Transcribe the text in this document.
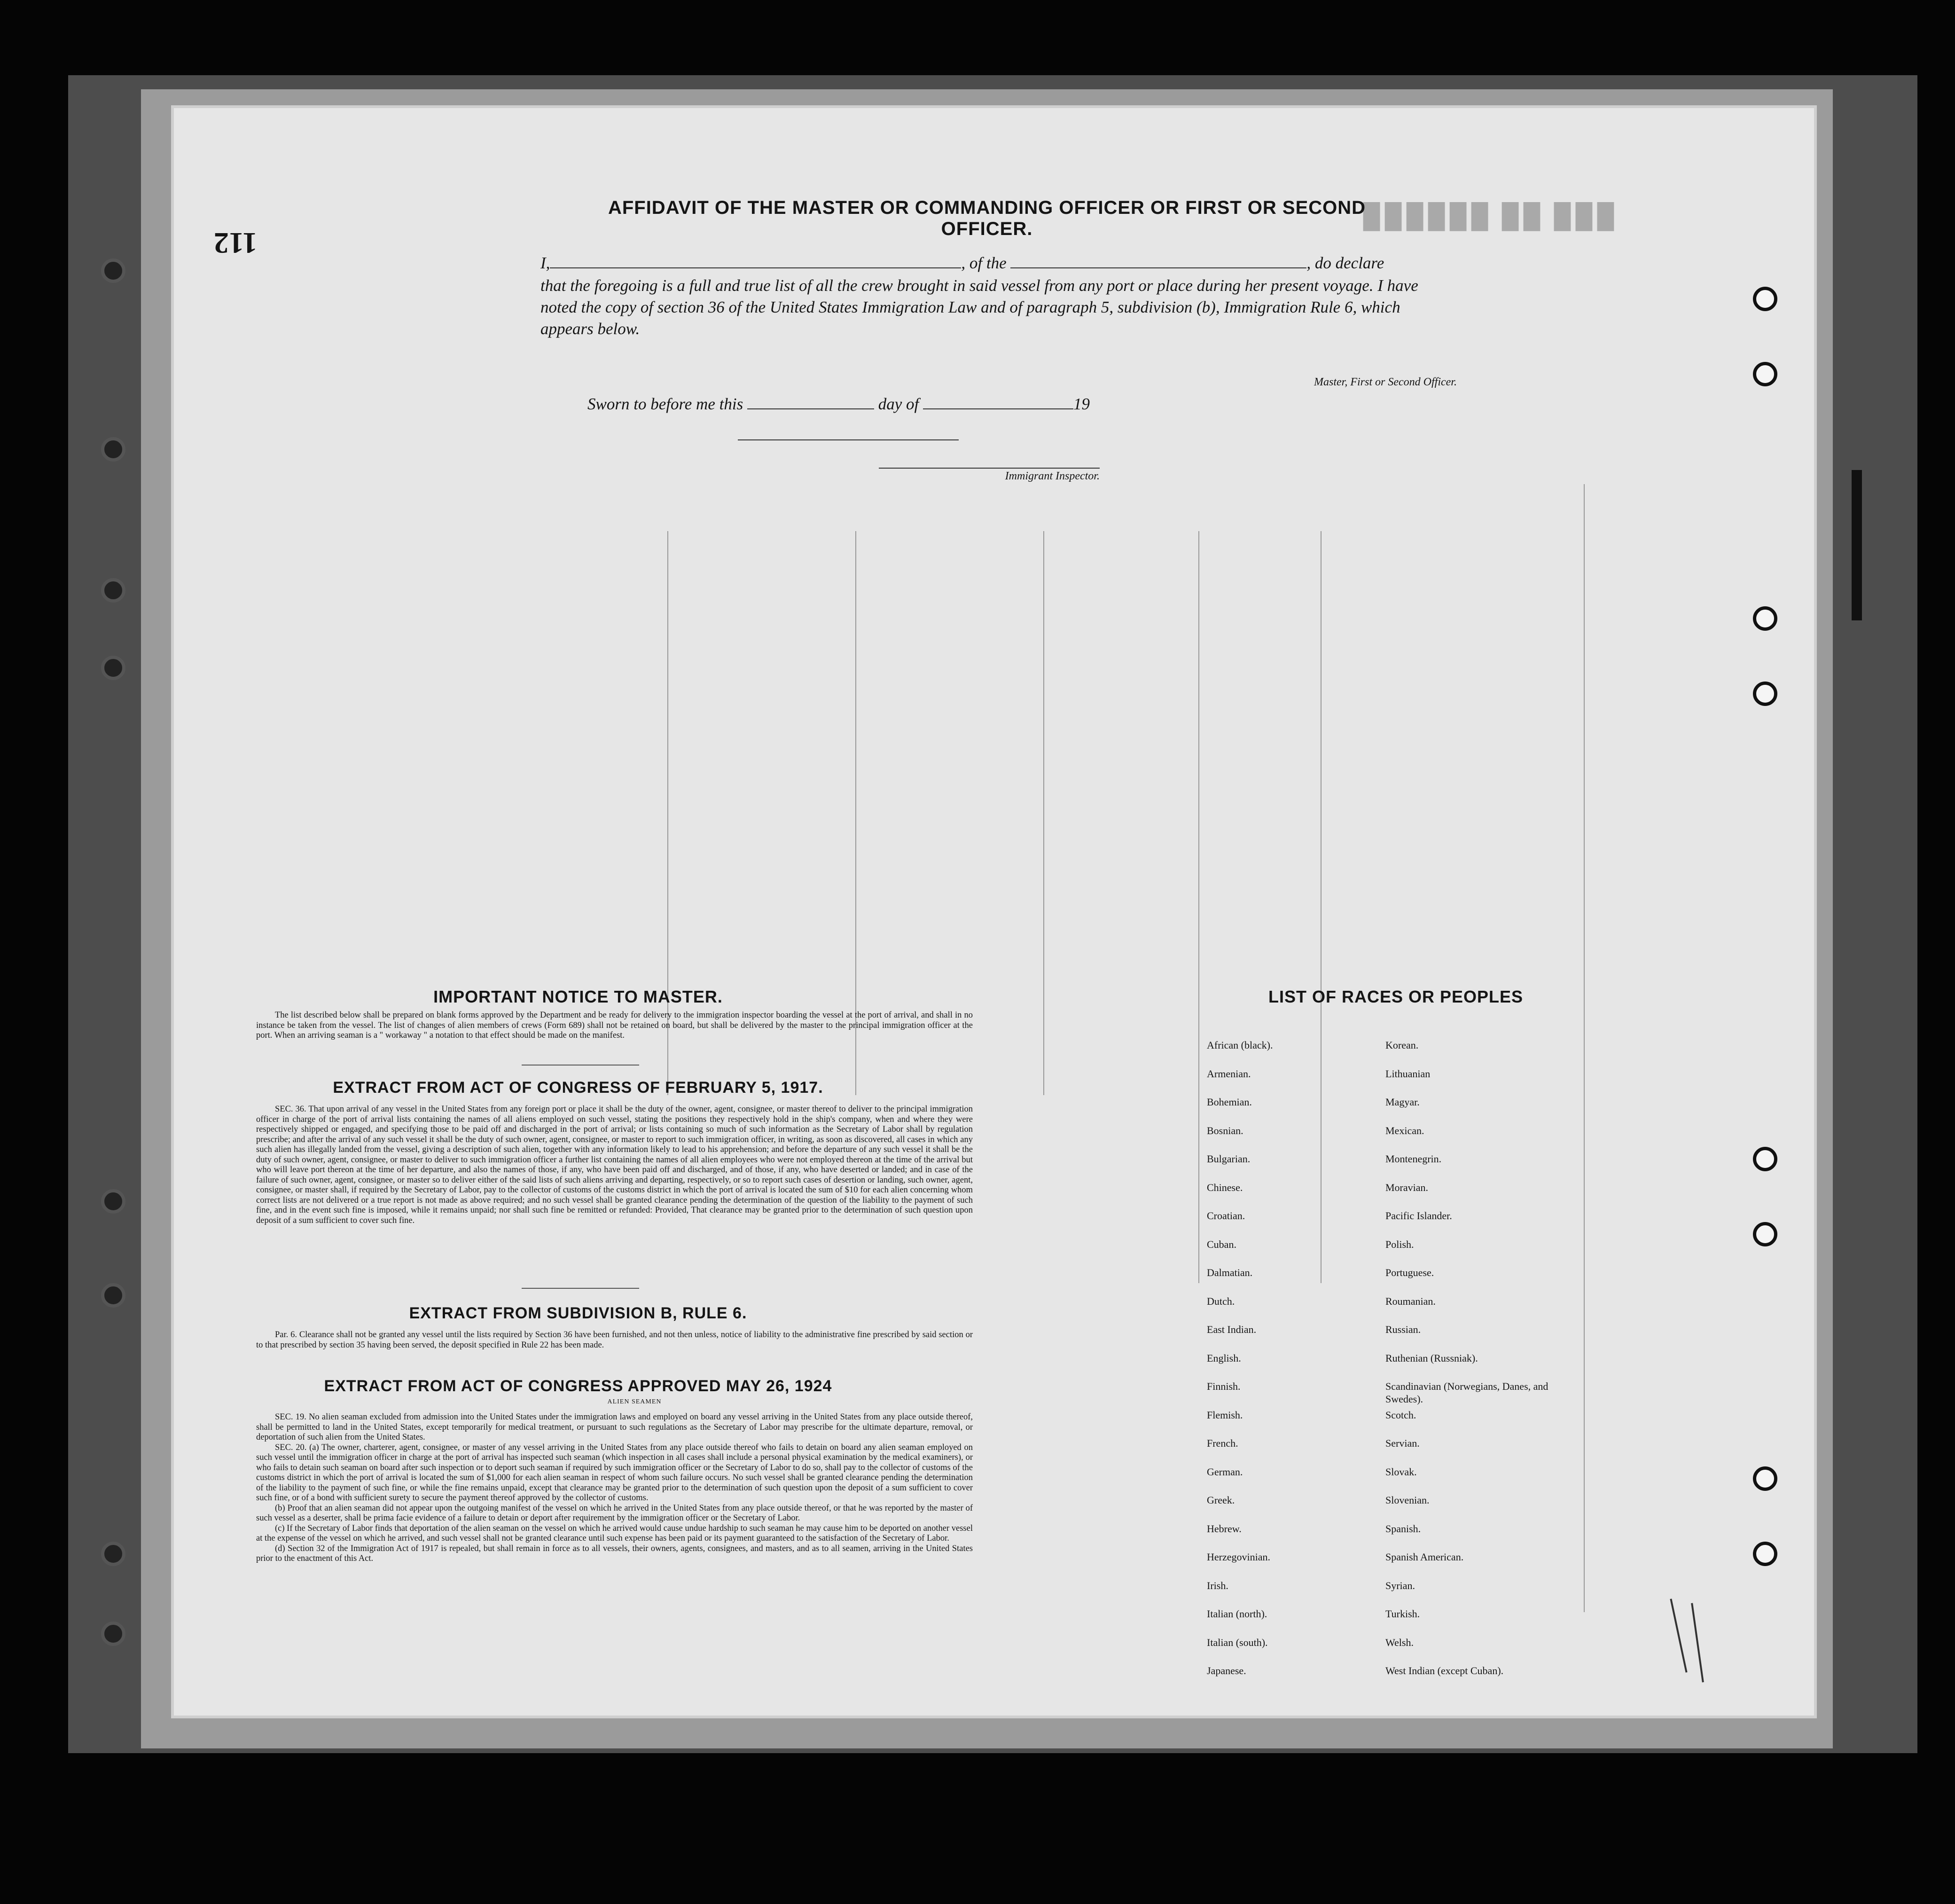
▉▉▉ ▉▉ ▉▉▉▉▉▉
112
AFFIDAVIT OF THE MASTER OR COMMANDING OFFICER OR FIRST OR SECOND OFFICER.
I,	, of the	, do declare
that the foregoing is a full and true list of all the crew brought in said vessel from any port or place during her present voyage. I have noted the copy of section 36 of the United States Immigration Law and of paragraph 5, subdivision (b), Immigration Rule 6, which appears below.
Master, First or Second Officer.
Sworn to before me this	day of	19
Immigrant Inspector.
IMPORTANT NOTICE TO MASTER.

The list described below shall be prepared on blank forms approved by the Department and be ready for delivery to the immigration inspector boarding the vessel at the port of arrival, and shall in no instance be taken from the vessel. The list of changes of alien members of crews (Form 689) shall not be retained on board, but shall be delivered by the master to the principal immigration officer at the port. When an arriving seaman is a " workaway " a notation to that effect should be made on the manifest.

EXTRACT FROM ACT OF CONGRESS OF FEBRUARY 5, 1917.

SEC. 36. That upon arrival of any vessel in the United States from any foreign port or place it shall be the duty of the owner, agent, consignee, or master thereof to deliver to the principal immigration officer in charge of the port of arrival lists containing the names of all aliens employed on such vessel, stating the positions they respectively hold in the ship's company, when and where they were respectively shipped or engaged, and specifying those to be paid off and discharged in the port of arrival; or lists containing so much of such information as the Secretary of Labor shall by regulation prescribe; and after the arrival of any such vessel it shall be the duty of such owner, agent, consignee, or master to report to such immigration officer, in writing, as soon as discovered, all cases in which any such alien has illegally landed from the vessel, giving a description of such alien, together with any information likely to lead to his apprehension; and before the departure of any such vessel it shall be the duty of such owner, agent, consignee, or master to deliver to such immigration officer a further list containing the names of all alien employees who were not employed thereon at the time of the arrival but who will leave port thereon at the time of her departure, and also the names of those, if any, who have been paid off and discharged, and of those, if any, who have deserted or landed; and in case of the failure of such owner, agent, consignee, or master so to deliver either of the said lists of such aliens arriving and departing, respectively, or so to report such cases of desertion or landing, such owner, agent, consignee, or master shall, if required by the Secretary of Labor, pay to the collector of customs of the customs district in which the port of arrival is located the sum of $10 for each alien concerning whom correct lists are not delivered or a true report is not made as above required; and no such vessel shall be granted clearance pending the determination of the question of the liability to the payment of such fine, and in the event such fine is imposed, while it remains unpaid; nor shall such fine be remitted or refunded: Provided, That clearance may be granted prior to the determination of such question upon deposit of a sum sufficient to cover such fine.

EXTRACT FROM SUBDIVISION B, RULE 6.

Par. 6. Clearance shall not be granted any vessel until the lists required by Section 36 have been furnished, and not then unless, notice of liability to the administrative fine prescribed by said section or to that prescribed by section 35 having been served, the deposit specified in Rule 22 has been made.

EXTRACT FROM ACT OF CONGRESS APPROVED MAY 26, 1924
ALIEN SEAMEN

SEC. 19. No alien seaman excluded from admission into the United States under the immigration laws and employed on board any vessel arriving in the United States from any place outside thereof, shall be permitted to land in the United States, except temporarily for medical treatment, or pursuant to such regulations as the Secretary of Labor may prescribe for the ultimate departure, removal, or deportation of such alien from the United States.

SEC. 20. (a) The owner, charterer, agent, consignee, or master of any vessel arriving in the United States from any place outside thereof who fails to detain on board any alien seaman employed on such vessel until the immigration officer in charge at the port of arrival has inspected such seaman (which inspection in all cases shall include a personal physical examination by the medical examiners), or who fails to detain such seaman on board after such inspection or to deport such seaman if required by such immigration officer or the Secretary of Labor to do so, shall pay to the collector of customs of the customs district in which the port of arrival is located the sum of $1,000 for each alien seaman in respect of whom such failure occurs. No such vessel shall be granted clearance pending the determination of the liability to the payment of such fine, or while the fine remains unpaid, except that clearance may be granted prior to the determination of such question upon the deposit of a sum sufficient to cover such fine, or of a bond with sufficient surety to secure the payment thereof approved by the collector of customs.

(b) Proof that an alien seaman did not appear upon the outgoing manifest of the vessel on which he arrived in the United States from any place outside thereof, or that he was reported by the master of such vessel as a deserter, shall be prima facie evidence of a failure to detain or deport after requirement by the immigration officer or the Secretary of Labor.

(c) If the Secretary of Labor finds that deportation of the alien seaman on the vessel on which he arrived would cause undue hardship to such seaman he may cause him to be deported on another vessel at the expense of the vessel on which he arrived, and such vessel shall not be granted clearance until such expense has been paid or its payment guaranteed to the satisfaction of the Secretary of Labor.

(d) Section 32 of the Immigration Act of 1917 is repealed, but shall remain in force as to all vessels, their owners, agents, consignees, and masters, and as to all seamen, arriving in the United States prior to the enactment of this Act.

LIST OF RACES OR PEOPLES
African (black).
Armenian.
Bohemian.
Bosnian.
Bulgarian.
Chinese.
Croatian.
Cuban.
Dalmatian.
Dutch.
East Indian.
English.
Finnish.
Flemish.
French.
German.
Greek.
Hebrew.
Herzegovinian.
Irish.
Italian (north).
Italian (south).
Japanese.
Korean.
Lithuanian
Magyar.
Mexican.
Montenegrin.
Moravian.
Pacific Islander.
Polish.
Portuguese.
Roumanian.
Russian.
Ruthenian (Russniak).
Scandinavian (Norwegians, Danes, and Swedes).
Scotch.
Servian.
Slovak.
Slovenian.
Spanish.
Spanish American.
Syrian.
Turkish.
Welsh.
West Indian (except Cuban).
